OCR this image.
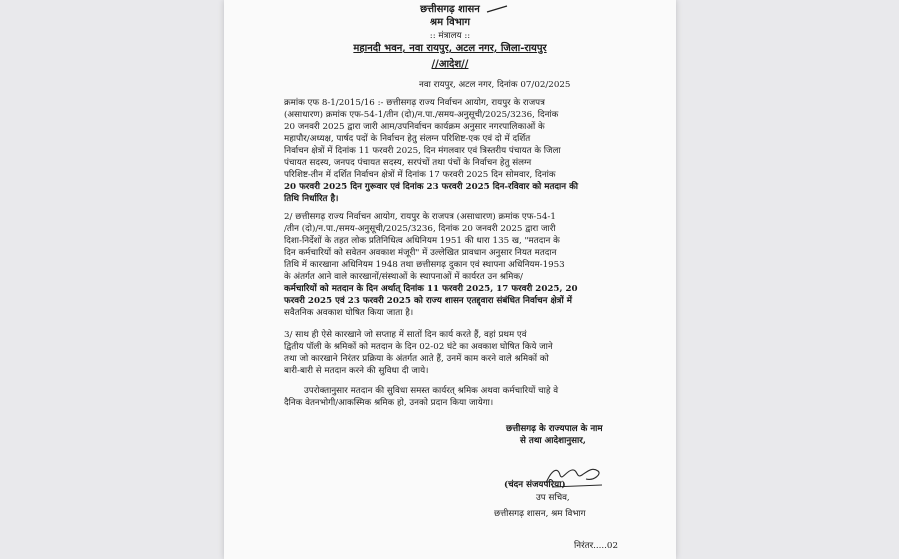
छत्तीसगढ़ शासन
श्रम विभाग
:: मंत्रालय ::
महानदी भवन, नवा रायपुर, अटल नगर, जिला-रायपुर
//आदेश//
नवा रायपुर, अटल नगर, दिनांक 07/02/2025
क्रमांक एफ 8-1/2015/16 :- छत्तीसगढ़ राज्य निर्वाचन आयोग, रायपुर के राजपत्र
(असाधारण) क्रमांक एफ-54-1/तीन (दो)/न.पा./समय-अनुसूची/2025/3236, दिनांक
20 जनवरी 2025 द्वारा जारी आम/उपनिर्वाचन कार्यक्रम अनुसार नगरपालिकाओं के
महापौर/अध्यक्ष, पार्षद पदों के निर्वाचन हेतु संलग्न परिशिष्ट-एक एवं दो में दर्शित
निर्वाचन क्षेत्रों में दिनांक 11 फरवरी 2025, दिन मंगलवार एवं त्रिस्तरीय पंचायत के जिला
पंचायत सदस्य, जनपद पंचायत सदस्य, सरपंचों तथा पंचों के निर्वाचन हेतु संलग्न
परिशिष्ट-तीन में दर्शित निर्वाचन क्षेत्रों में दिनांक 17 फरवरी 2025 दिन सोमवार, दिनांक
20 फरवरी 2025 दिन गुरूवार एवं दिनांक 23 फरवरी 2025 दिन-रविवार को मतदान की
तिथि निर्धारित है।
2/ छत्तीसगढ़ राज्य निर्वाचन आयोग, रायपुर के राजपत्र (असाधारण) क्रमांक एफ-54-1
/तीन (दो)/न.पा./समय-अनुसूची/2025/3236, दिनांक 20 जनवरी 2025 द्वारा जारी
दिशा-निर्देशों के तहत लोक प्रतिनिधित्व अधिनियम 1951 की धारा 135 ख, "मतदान के
दिन कर्मचारियों को सवेतन अवकाश मंजूरी" में उल्लेखित प्रावधान अनुसार नियत मतदान
तिथि में कारखाना अधिनियम 1948 तथा छत्तीसगढ़ दुकान एवं स्थापना अधिनियम-1953
के अंतर्गत आने वाले कारखानों/संस्थाओं के स्थापनाओं में कार्यरत उन श्रमिक/
कर्मचारियों को मतदान के दिन अर्थात् दिनांक 11 फरवरी 2025, 17 फरवरी 2025, 20
फरवरी 2025 एवं 23 फरवरी 2025 को राज्य शासन एतद्द्वारा संबंधित निर्वाचन क्षेत्रों में
सवैतनिक अवकाश घोषित किया जाता है।
3/ साथ ही ऐसे कारखाने जो सप्ताह में सातों दिन कार्य करते हैं, वहां प्रथम एवं
द्वितीय पॉली के श्रमिकों को मतदान के दिन 02-02 घंटे का अवकाश घोषित किये जाने
तथा जो कारखाने निरंतर प्रक्रिया के अंतर्गत आते हैं, उनमें काम करने वाले श्रमिकों को
बारी-बारी से मतदान करने की सुविधा दी जाये।
उपरोक्तानुसार मतदान की सुविधा समस्त कार्यरत् श्रमिक अथवा कर्मचारियों चाहे वे
दैनिक वेतनभोगी/आकस्मिक श्रमिक हो, उनको प्रदान किया जायेगा।
छत्तीसगढ़ के राज्यपाल के नाम
से तथा आदेशानुसार,
(चंदन संजयपरिया)
उप सचिव,
छत्तीसगढ़ शासन, श्रम विभाग
निरंतर.....02
